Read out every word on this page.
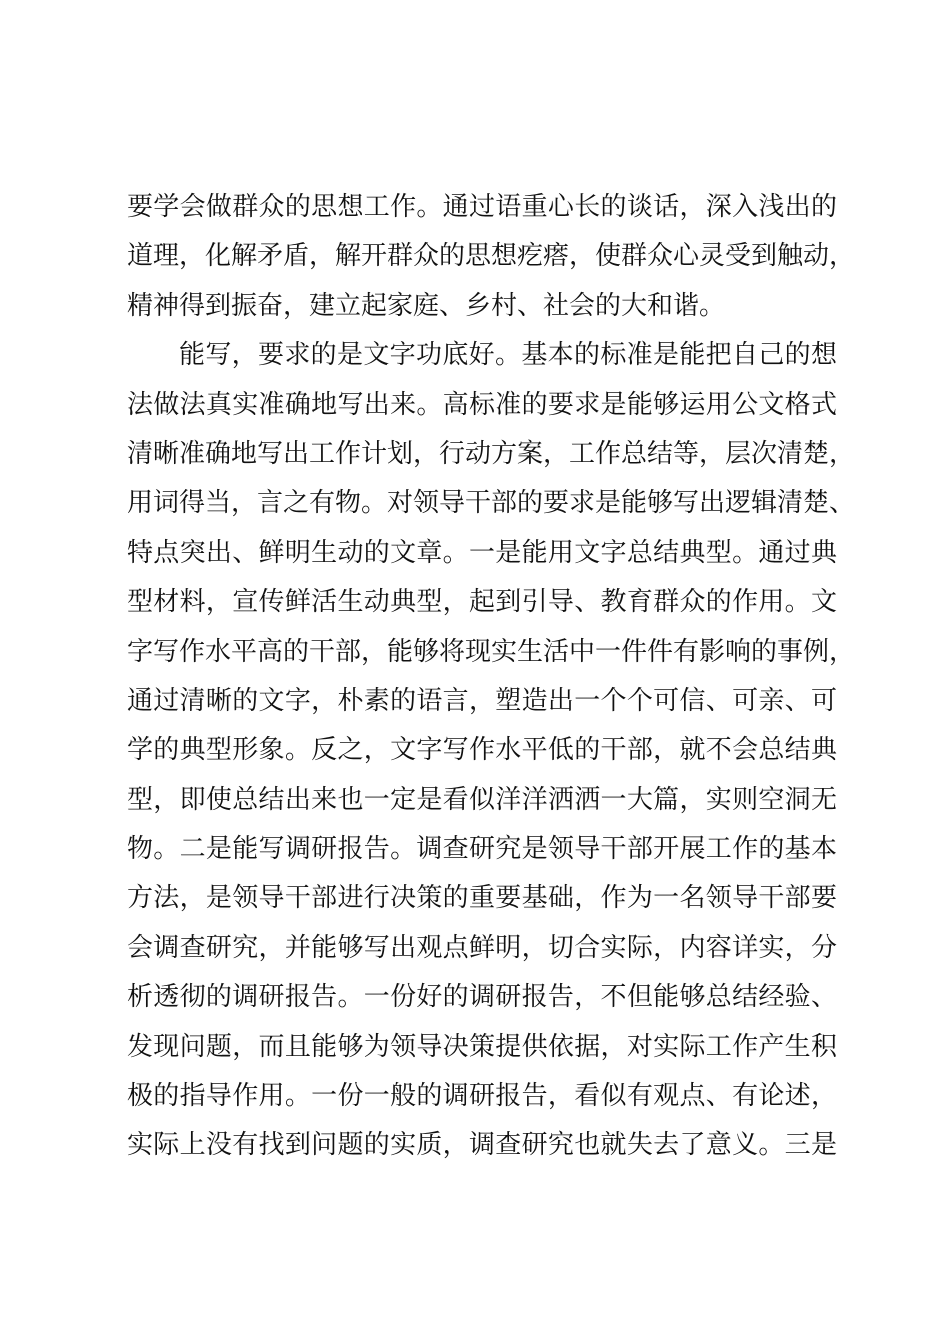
要学会做群众的思想工作。通过语重心长的谈话，深入浅出的
道理，化解矛盾，解开群众的思想疙瘩，使群众心灵受到触动，
精神得到振奋，建立起家庭、乡村、社会的大和谐。
能写，要求的是文字功底好。基本的标准是能把自己的想
法做法真实准确地写出来。高标准的要求是能够运用公文格式
清晰准确地写出工作计划，行动方案，工作总结等，层次清楚，
用词得当，言之有物。对领导干部的要求是能够写出逻辑清楚、
特点突出、鲜明生动的文章。一是能用文字总结典型。通过典
型材料，宣传鲜活生动典型，起到引导、教育群众的作用。文
字写作水平高的干部，能够将现实生活中一件件有影响的事例，
通过清晰的文字，朴素的语言，塑造出一个个可信、可亲、可
学的典型形象。反之，文字写作水平低的干部，就不会总结典
型，即使总结出来也一定是看似洋洋洒洒一大篇，实则空洞无
物。二是能写调研报告。调查研究是领导干部开展工作的基本
方法，是领导干部进行决策的重要基础，作为一名领导干部要
会调查研究，并能够写出观点鲜明，切合实际，内容详实，分
析透彻的调研报告。一份好的调研报告，不但能够总结经验、
发现问题，而且能够为领导决策提供依据，对实际工作产生积
极的指导作用。一份一般的调研报告，看似有观点、有论述，
实际上没有找到问题的实质，调查研究也就失去了意义。三是
